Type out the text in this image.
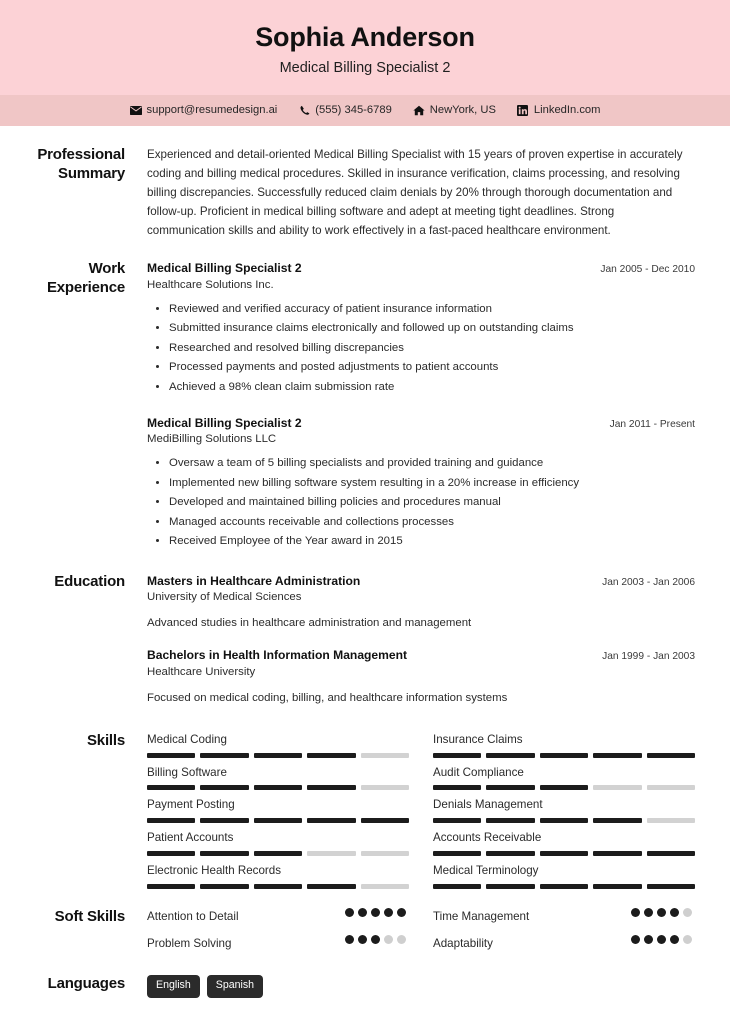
Sophia Anderson
Medical Billing Specialist 2
support@resumedesign.ai	(555) 345-6789	NewYork, US	LinkedIn.com
Professional Summary
Experienced and detail-oriented Medical Billing Specialist with 15 years of proven expertise in accurately coding and billing medical procedures. Skilled in insurance verification, claims processing, and resolving billing discrepancies. Successfully reduced claim denials by 20% through thorough documentation and follow-up. Proficient in medical billing software and adept at meeting tight deadlines. Strong communication skills and ability to work effectively in a fast-paced healthcare environment.
Work Experience
Medical Billing Specialist 2	Jan 2005 - Dec 2010
Healthcare Solutions Inc.
• Reviewed and verified accuracy of patient insurance information
• Submitted insurance claims electronically and followed up on outstanding claims
• Researched and resolved billing discrepancies
• Processed payments and posted adjustments to patient accounts
• Achieved a 98% clean claim submission rate
Medical Billing Specialist 2	Jan 2011 - Present
MediBilling Solutions LLC
• Oversaw a team of 5 billing specialists and provided training and guidance
• Implemented new billing software system resulting in a 20% increase in efficiency
• Developed and maintained billing policies and procedures manual
• Managed accounts receivable and collections processes
• Received Employee of the Year award in 2015
Education	Masters in Healthcare Administration	Jan 2003 - Jan 2006
University of Medical Sciences
Advanced studies in healthcare administration and management
Bachelors in Health Information Management	Jan 1999 - Jan 2003
Healthcare University
Focused on medical coding, billing, and healthcare information systems
Skills	Medical Coding	Insurance Claims
Billing Software	Audit Compliance
Payment Posting	Denials Management
Patient Accounts	Accounts Receivable
Electronic Health Records	Medical Terminology
Soft Skills	Attention to Detail	Time Management
Problem Solving	Adaptability
Languages	English	Spanish
